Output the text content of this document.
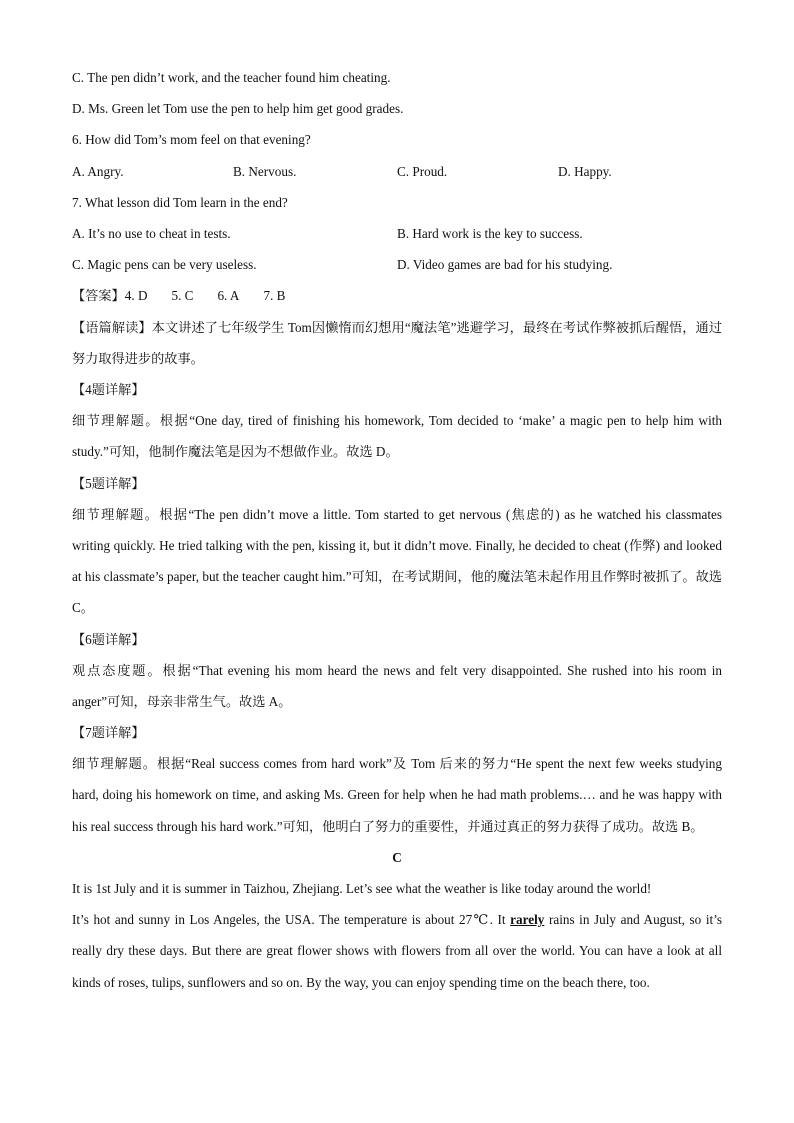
C. The pen didn’t work, and the teacher found him cheating.
D. Ms. Green let Tom use the pen to help him get good grades.
6. How did Tom’s mom feel on that evening?
A. Angry.	B. Nervous.	C. Proud.	D. Happy.
7. What lesson did Tom learn in the end?
A. It’s no use to cheat in tests.	B. Hard work is the key to success.
C. Magic pens can be very useless.	D. Video games are bad for his studying.
【答案】4. D 5. C 6. A 7. B
【语篇解读】本文讲述了七年级学生 Tom因懒惰而幻想用“魔法笔”逃避学习，最终在考试作弊被抓后醒悟，通过努力取得进步的故事。
【4题详解】
细节理解题。根据“One day, tired of finishing his homework, Tom decided to ‘make’ a magic pen to help him with study.”可知，他制作魔法笔是因为不想做作业。故选 D。
【5题详解】
细节理解题。根据“The pen didn’t move a little. Tom started to get nervous (焦虑的) as he watched his classmates writing quickly. He tried talking with the pen, kissing it, but it didn’t move. Finally, he decided to cheat (作弊) and looked at his classmate’s paper, but the teacher caught him.”可知，在考试期间，他的魔法笔未起作用且作弊时被抓了。故选 C。
【6题详解】
观点态度题。根据“That evening his mom heard the news and felt very disappointed. She rushed into his room in anger”可知，母亲非常生气。故选 A。
【7题详解】
细节理解题。根据“Real success comes from hard work”及 Tom 后来的努力“He spent the next few weeks studying hard, doing his homework on time, and asking Ms. Green for help when he had math problems.… and he was happy with his real success through his hard work.”可知，他明白了努力的重要性，并通过真正的努力获得了成功。故选 B。
C
It is 1st July and it is summer in Taizhou, Zhejiang. Let’s see what the weather is like today around the world!
It’s hot and sunny in Los Angeles, the USA. The temperature is about 27℃. It rarely rains in July and August, so it’s really dry these days. But there are great flower shows with flowers from all over the world. You can have a look at all kinds of roses, tulips, sunflowers and so on. By the way, you can enjoy spending time on the beach there, too.
